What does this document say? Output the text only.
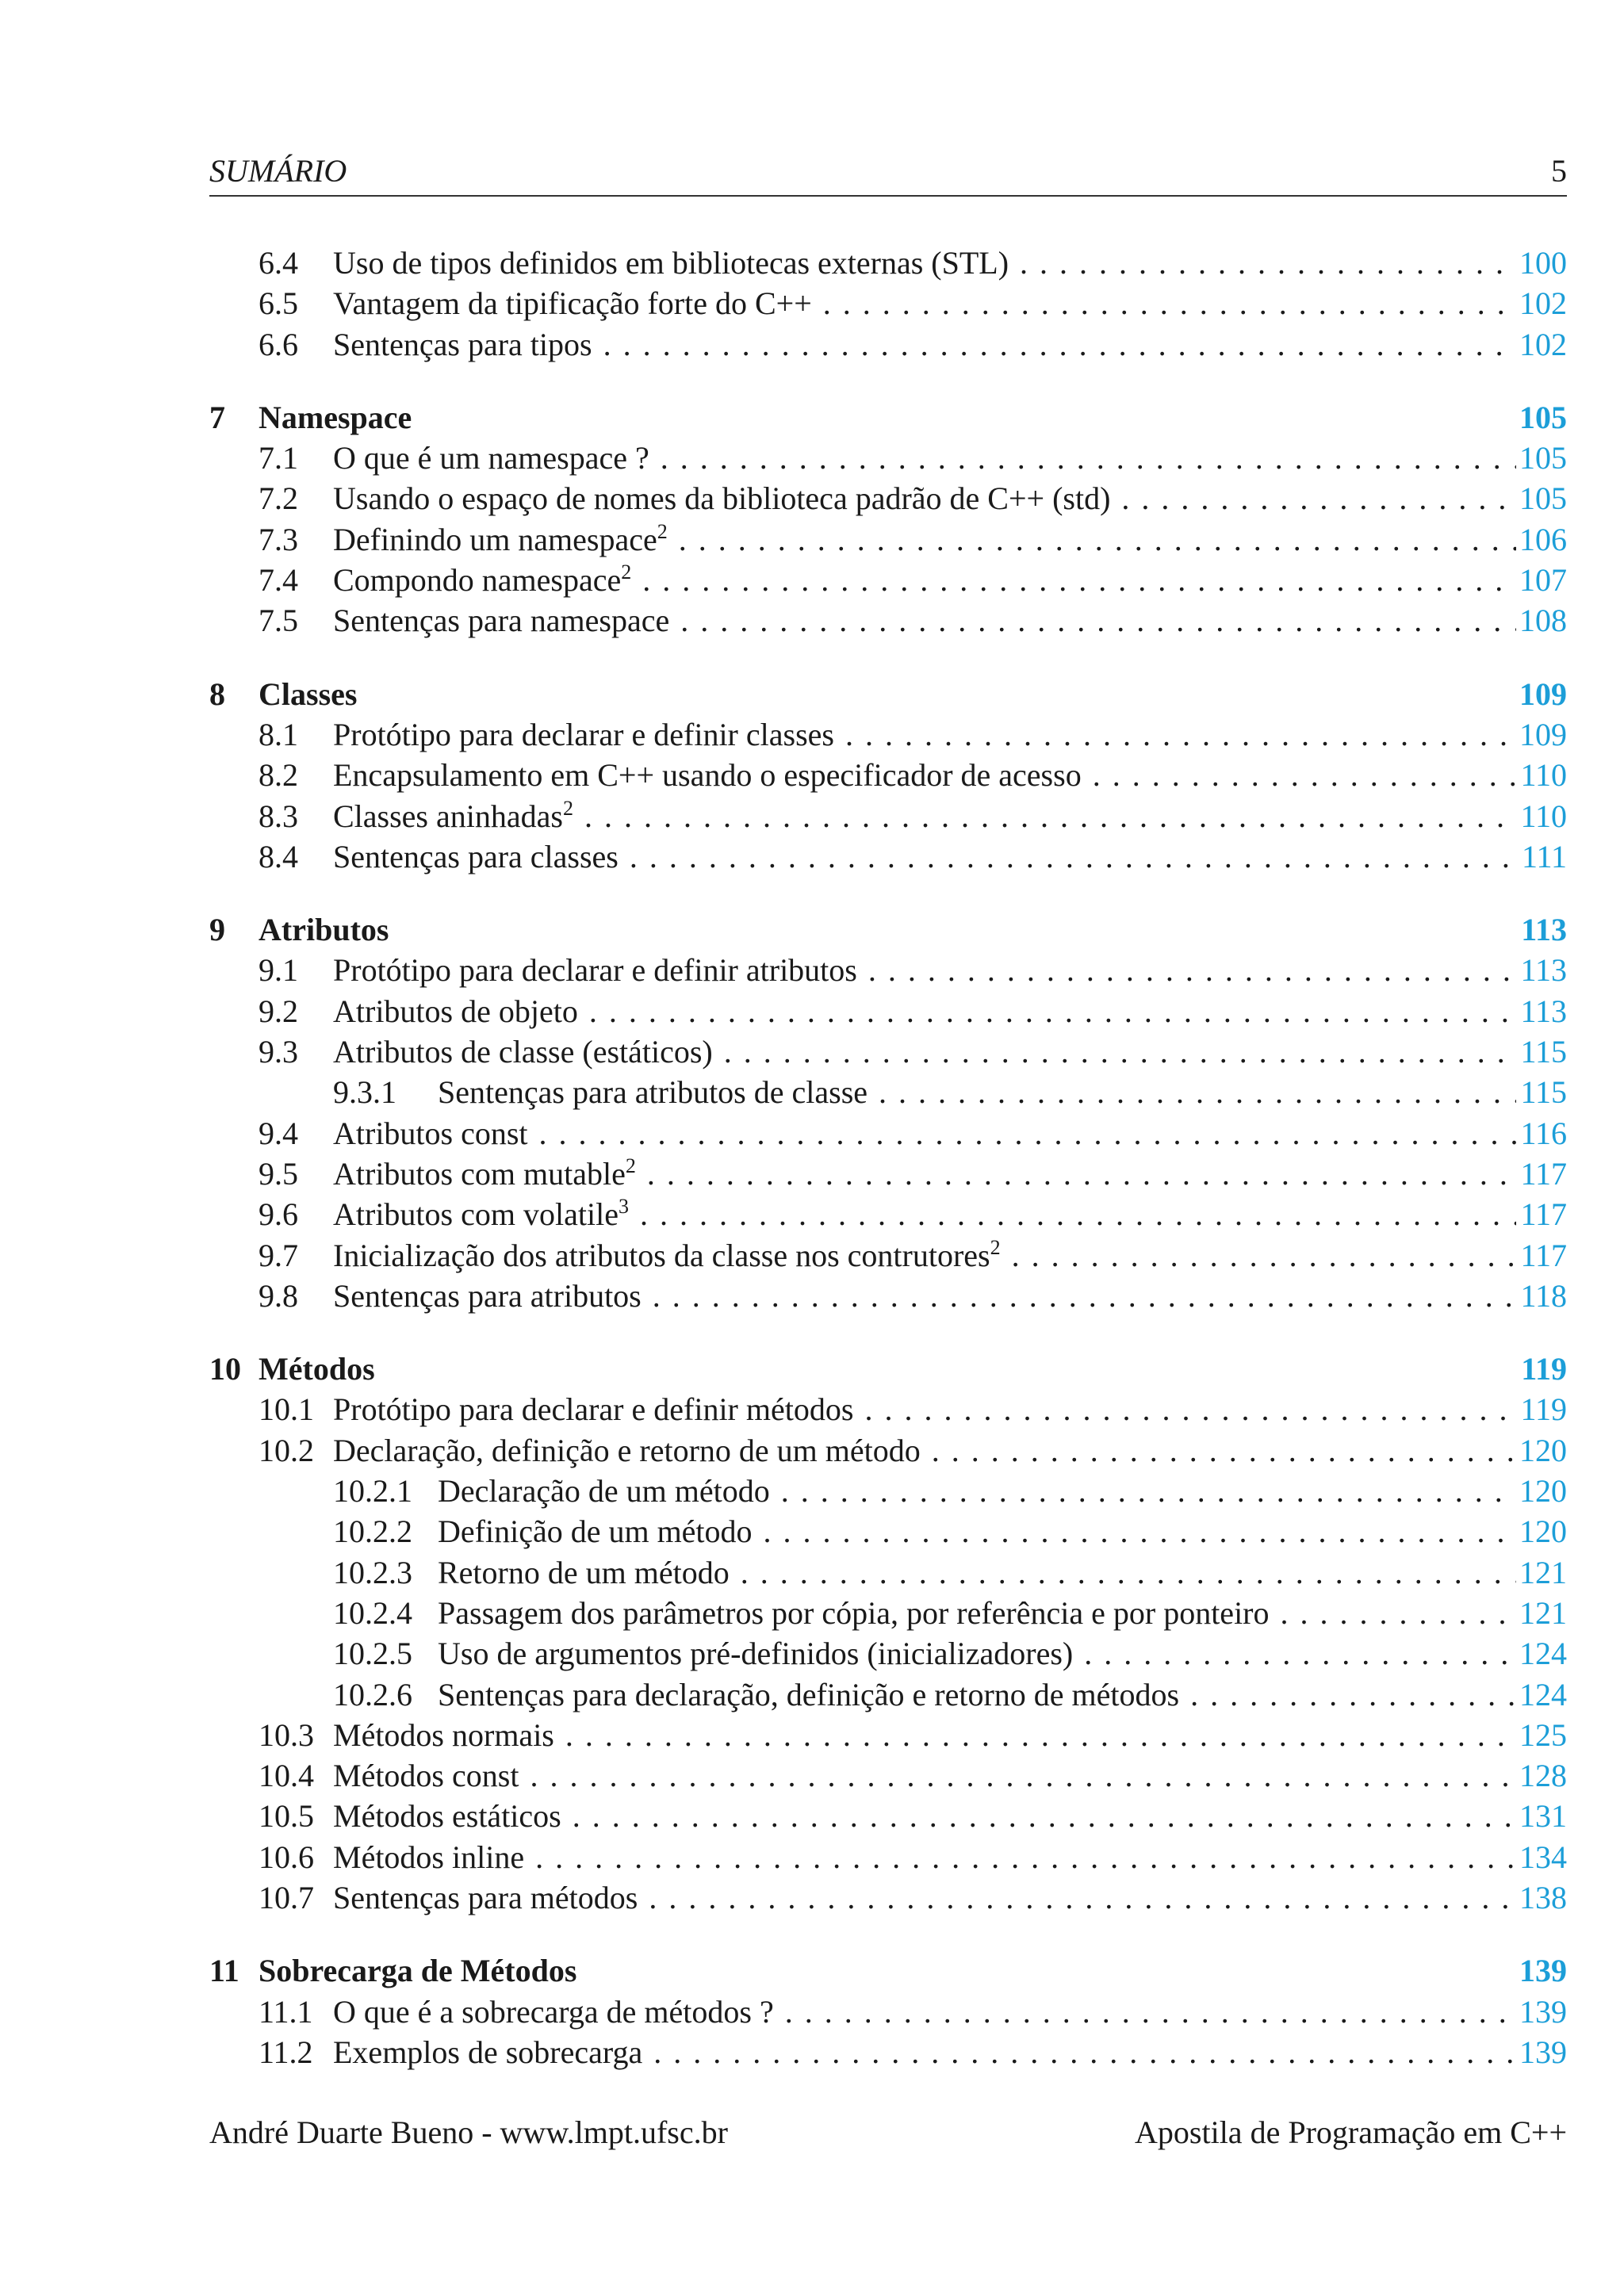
SUMÁRIO	5
6.4	Uso de tipos definidos em bibliotecas externas (STL) . . .	100
6.5	Vantagem da tipificação forte do C++ . . .	102
6.6	Sentenças para tipos . . .	102
7	Namespace	105
7.1	O que é um namespace ? . . .	105
7.2	Usando o espaço de nomes da biblioteca padrão de C++ (std) . . .	105
7.3	Definindo um namespace$^2$ . . .	106
7.4	Compondo namespace$^2$ . . .	107
7.5	Sentenças para namespace . . .	108
8	Classes	109
8.1	Protótipo para declarar e definir classes . . .	109
8.2	Encapsulamento em C++ usando o especificador de acesso . . .	110
8.3	Classes aninhadas$^2$ . . .	110
8.4	Sentenças para classes . . .	111
9	Atributos	113
9.1	Protótipo para declarar e definir atributos . . .	113
9.2	Atributos de objeto . . .	113
9.3	Atributos de classe (estáticos) . . .	115
9.3.1	Sentenças para atributos de classe . . .	115
9.4	Atributos const . . .	116
9.5	Atributos com mutable$^2$ . . .	117
9.6	Atributos com volatile$^3$ . . .	117
9.7	Inicialização dos atributos da classe nos contrutores$^2$ . . .	117
9.8	Sentenças para atributos . . .	118
10 Métodos	119
10.1 Protótipo para declarar e definir métodos . . .	119
10.2 Declaração, definição e retorno de um método . . .	120
10.2.1 Declaração de um método . . .	120
10.2.2 Definição de um método . . .	120
10.2.3 Retorno de um método . . .	121
10.2.4 Passagem dos parâmetros por cópia, por referência e por ponteiro . . .	121
10.2.5 Uso de argumentos pré-definidos (inicializadores) . . .	124
10.2.6 Sentenças para declaração, definição e retorno de métodos . . .	124
10.3 Métodos normais . . .	125
10.4 Métodos const . . .	128
10.5 Métodos estáticos . . .	131
10.6 Métodos inline . . .	134
10.7 Sentenças para métodos . . .	138
11 Sobrecarga de Métodos	139
11.1 O que é a sobrecarga de métodos ? . . .	139
11.2 Exemplos de sobrecarga . . .	139
André Duarte Bueno - www.lmpt.ufsc.br	Apostila de Programação em C++
